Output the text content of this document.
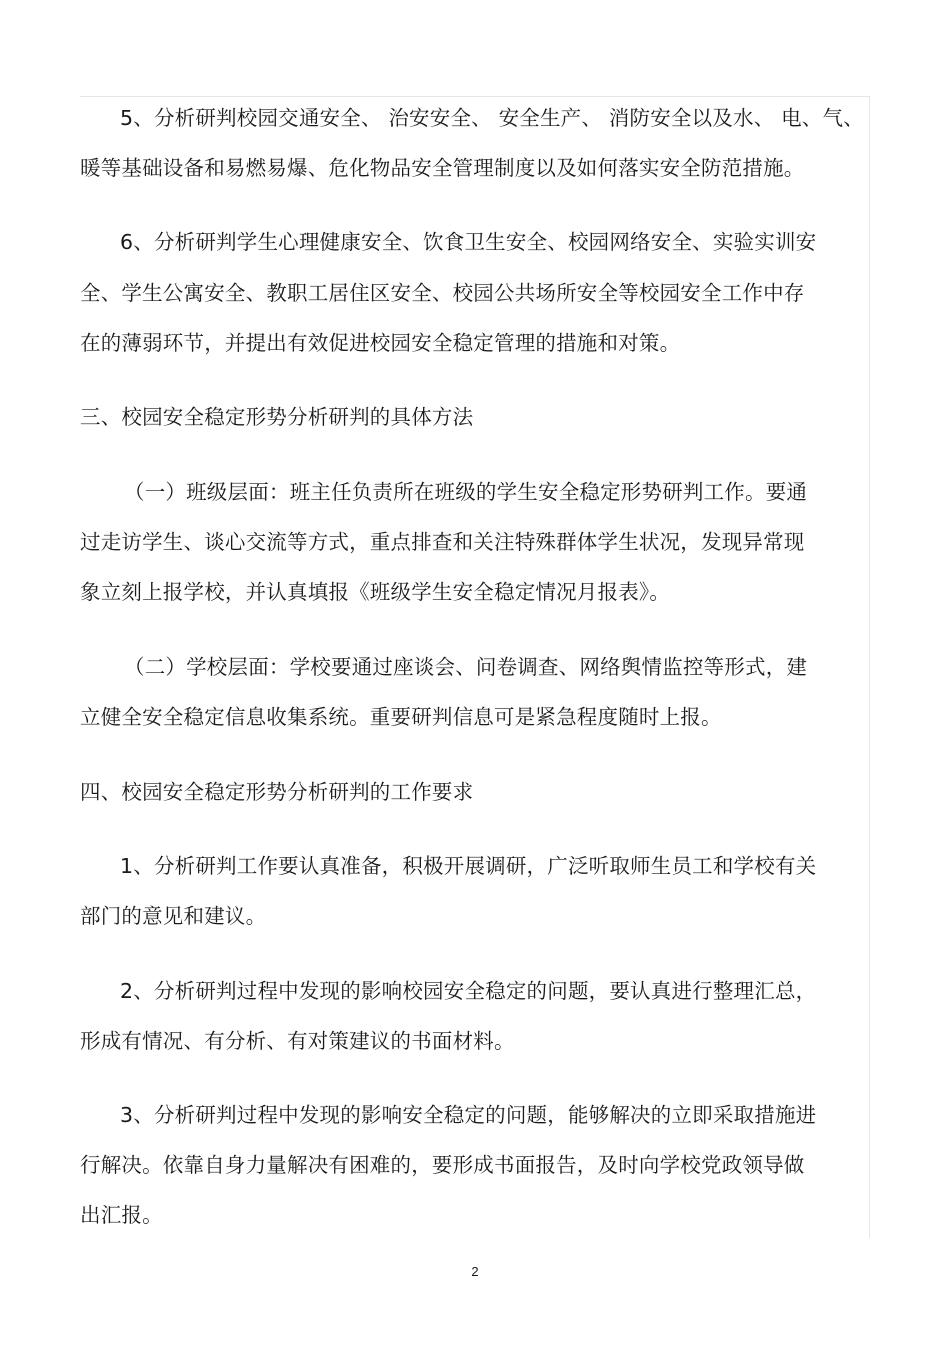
5、分析研判校园交通安全、 治安安全、 安全生产、 消防安全以及水、 电、气、
暖等基础设备和易燃易爆、危化物品安全管理制度以及如何落实安全防范措施。
6、分析研判学生心理健康安全、饮食卫生安全、校园网络安全、实验实训安
全、学生公寓安全、教职工居住区安全、校园公共场所安全等校园安全工作中存
在的薄弱环节，并提出有效促进校园安全稳定管理的措施和对策。
三、校园安全稳定形势分析研判的具体方法
（一）班级层面：班主任负责所在班级的学生安全稳定形势研判工作。要通
过走访学生、谈心交流等方式，重点排查和关注特殊群体学生状况，发现异常现
象立刻上报学校，并认真填报《班级学生安全稳定情况月报表》。
（二）学校层面：学校要通过座谈会、问卷调查、网络舆情监控等形式，建
立健全安全稳定信息收集系统。重要研判信息可是紧急程度随时上报。
四、校园安全稳定形势分析研判的工作要求
1、分析研判工作要认真准备，积极开展调研，广泛听取师生员工和学校有关
部门的意见和建议。
2、分析研判过程中发现的影响校园安全稳定的问题，要认真进行整理汇总，
形成有情况、有分析、有对策建议的书面材料。
3、分析研判过程中发现的影响安全稳定的问题，能够解决的立即采取措施进
行解决。依靠自身力量解决有困难的，要形成书面报告，及时向学校党政领导做
出汇报。
2
